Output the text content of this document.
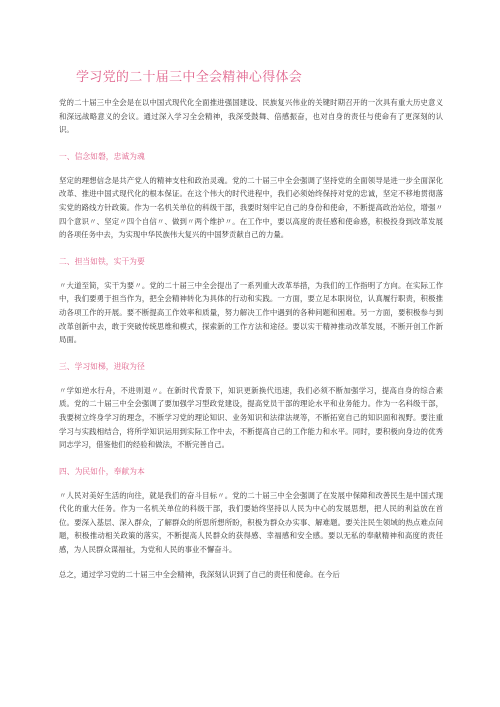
学习党的二十届三中全会精神心得体会

党的二十届三中全会是在以中国式现代化全面推进强国建设、民族复兴伟业的关键时期召开的一次具有重大历史意义和深远战略意义的会议。通过深入学习全会精神，我深受鼓舞、倍感振奋，也对自身的责任与使命有了更深刻的认识。

一、信念如磐，忠诚为魂

坚定的理想信念是共产党人的精神支柱和政治灵魂。党的二十届三中全会强调了坚持党的全面领导是进一步全面深化改革、推进中国式现代化的根本保证。在这个伟大的时代进程中，我们必须始终保持对党的忠诚，坚定不移地贯彻落实党的路线方针政策。作为一名机关单位的科级干部，我要时刻牢记自己的身份和使命，不断提高政治站位，增强〃四个意识〃、坚定〃四个自信〃、做到〃两个维护〃。在工作中，要以高度的责任感和使命感，积极投身到改革发展的各项任务中去，为实现中华民族伟大复兴的中国梦贡献自己的力量。

二、担当如铁，实干为要

〃大道至简，实干为要〃。党的二十届三中全会提出了一系列重大改革举措，为我们的工作指明了方向。在实际工作中，我们要勇于担当作为，把全会精神转化为具体的行动和实践。一方面，要立足本职岗位，认真履行职责，积极推动各项工作的开展。要不断提高工作效率和质量，努力解决工作中遇到的各种问题和困难。另一方面，要积极参与到改革创新中去，敢于突破传统思维和模式，探索新的工作方法和途径。要以实干精神推动改革发展，不断开创工作新局面。

三、学习如梯，进取为径

〃学如逆水行舟，不进则退〃。在新时代背景下，知识更新换代迅速，我们必须不断加强学习，提高自身的综合素质。党的二十届三中全会强调了要加强学习型政党建设，提高党员干部的理论水平和业务能力。作为一名科级干部，我要树立终身学习的理念，不断学习党的理论知识、业务知识和法律法规等，不断拓宽自己的知识面和视野。要注重学习与实践相结合，将所学知识运用到实际工作中去，不断提高自己的工作能力和水平。同时，要积极向身边的优秀同志学习，借鉴他们的经验和做法，不断完善自己。

四、为民如仆，奉献为本

〃人民对美好生活的向往，就是我们的奋斗目标〃。党的二十届三中全会强调了在发展中保障和改善民生是中国式现代化的重大任务。作为一名机关单位的科级干部，我们要始终坚持以人民为中心的发展思想，把人民的利益放在首位。要深入基层、深入群众，了解群众的所思所想所盼，积极为群众办实事、解难题。要关注民生领域的热点难点问题，积极推动相关政策的落实，不断提高人民群众的获得感、幸福感和安全感。要以无私的奉献精神和高度的责任感，为人民群众谋福祉，为党和人民的事业不懈奋斗。

总之，通过学习党的二十届三中全会精神，我深刻认识到了自己的责任和使命。在今后
